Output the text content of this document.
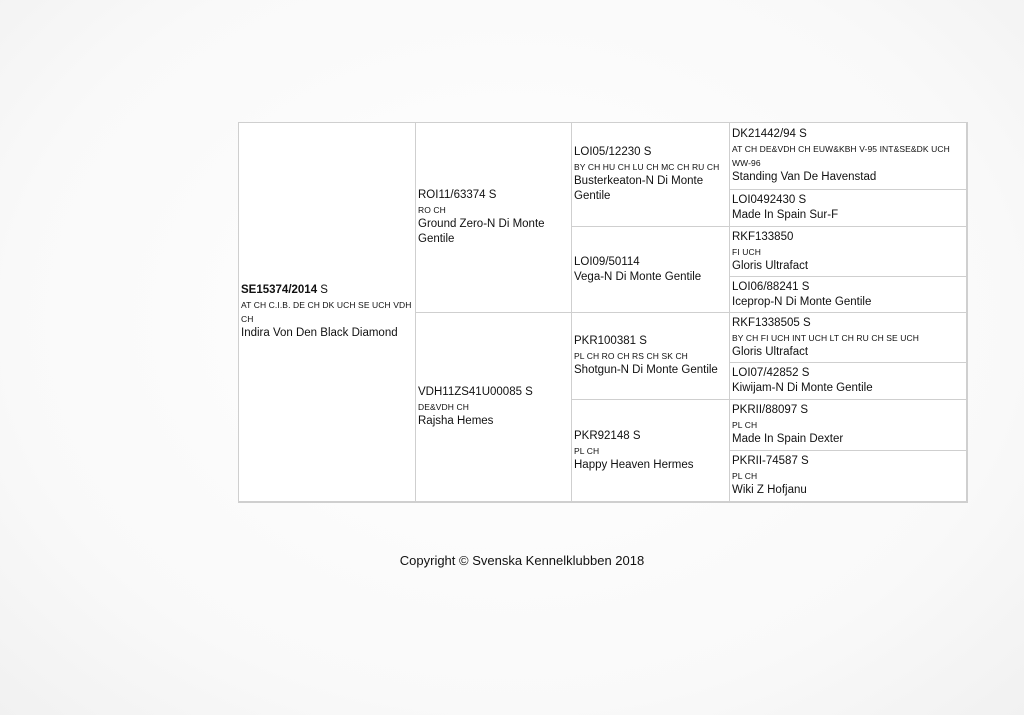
SE15374/2014 S
AT CH C.I.B. DE CH DK UCH SE UCH VDH CH
Indira Von Den Black Diamond
ROI11/63374 S
RO CH
Ground Zero-N Di Monte Gentile
VDH11ZS41U00085 S
DE&VDH CH
Rajsha Hemes
LOI05/12230 S
BY CH HU CH LU CH MC CH RU CH
Busterkeaton-N Di Monte Gentile
LOI09/50114
Vega-N Di Monte Gentile
PKR100381 S
PL CH RO CH RS CH SK CH
Shotgun-N Di Monte Gentile
PKR92148 S
PL CH
Happy Heaven Hermes
DK21442/94 S
AT CH DE&VDH CH EUW&KBH V-95 INT&SE&DK UCH WW-96
Standing Van De Havenstad
LOI0492430 S
Made In Spain Sur-F
RKF133850
FI UCH
Gloris Ultrafact
LOI06/88241 S
Iceprop-N Di Monte Gentile
RKF1338505 S
BY CH FI UCH INT UCH LT CH RU CH SE UCH
Gloris Ultrafact
LOI07/42852 S
Kiwijam-N Di Monte Gentile
PKRII/88097 S
PL CH
Made In Spain Dexter
PKRII-74587 S
PL CH
Wiki Z Hofjanu
Copyright © Svenska Kennelklubben 2018
